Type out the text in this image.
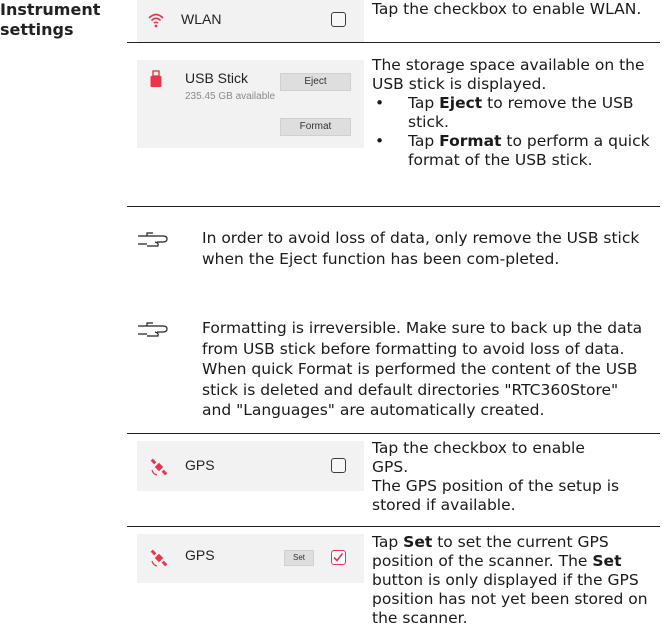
Instrument settings
WLAN
Tap the checkbox to enable WLAN.
USB Stick
235.45 GB available
Eject
Format
The storage space available on the USB stick is displayed.
• Tap Eject to remove the USB stick.
• Tap Format to perform a quick format of the USB stick.
In order to avoid loss of data, only remove the USB stick when the Eject function has been com-pleted.
Formatting is irreversible. Make sure to back up the data from USB stick before formatting to avoid loss of data. When quick Format is performed the content of the USB stick is deleted and default directories "RTC360Store" and "Languages" are automatically created.
GPS
Tap the checkbox to enable GPS.
The GPS position of the setup is stored if available.
GPS	Set
Tap Set to set the current GPS position of the scanner. The Set button is only displayed if the GPS position has not yet been stored on the scanner.
